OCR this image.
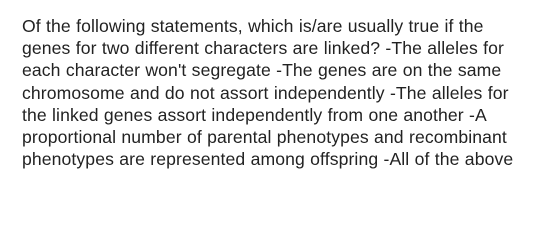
Of the following statements, which is/are usually true if the genes for two different characters are linked? -The alleles for each character won't segregate -The genes are on the same chromosome and do not assort independently -The alleles for the linked genes assort independently from one another -A proportional number of parental phenotypes and recombinant phenotypes are represented among offspring -All of the above
